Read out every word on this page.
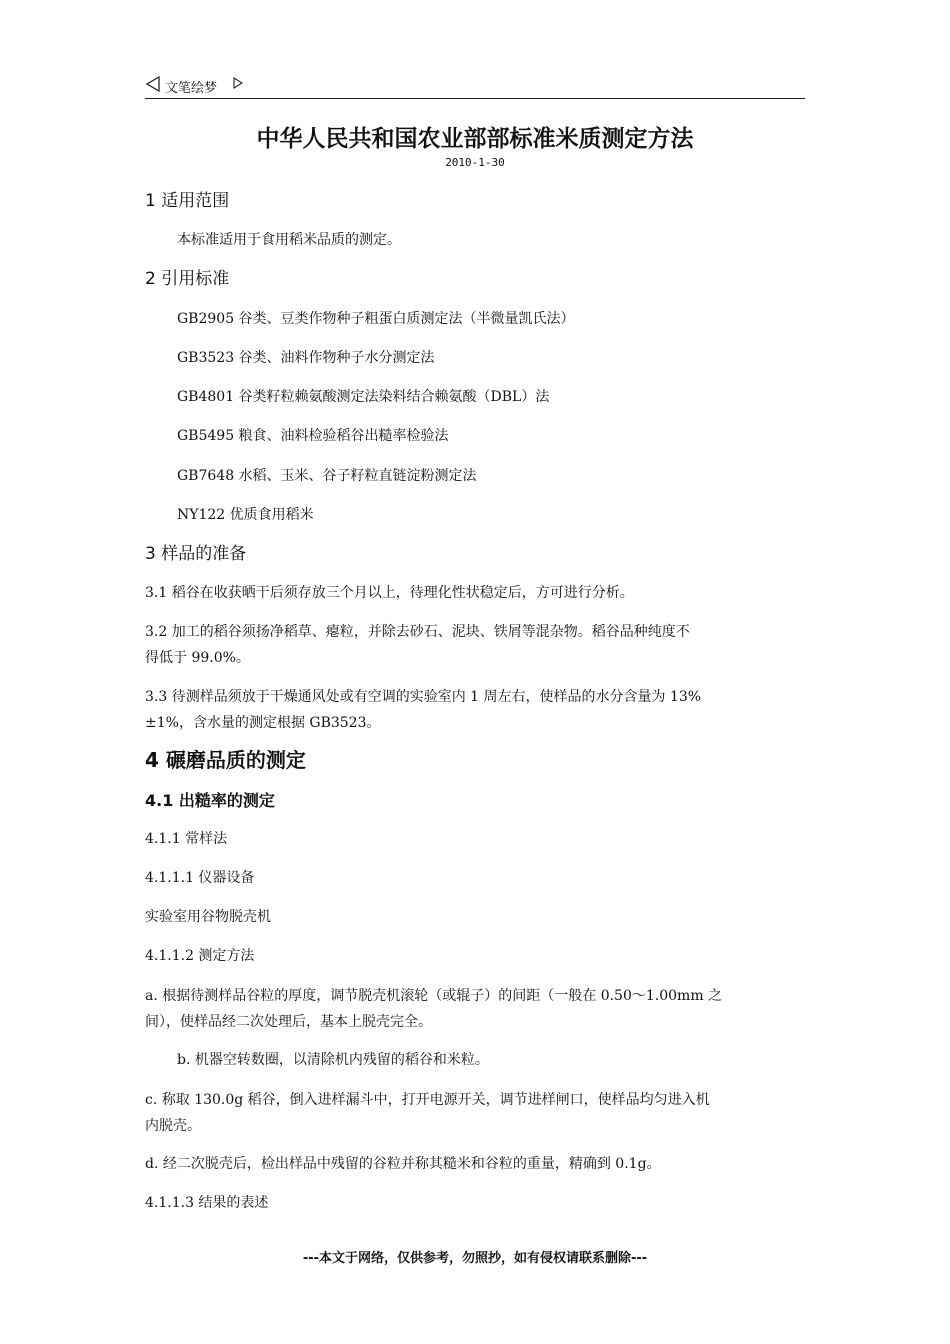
文笔绘梦
中华人民共和国农业部部标准米质测定方法
2010-1-30
1 适用范围
本标准适用于食用稻米品质的测定。
2 引用标准
GB2905 谷类、豆类作物种子粗蛋白质测定法（半微量凯氏法）
GB3523 谷类、油料作物种子水分测定法
GB4801 谷类籽粒赖氨酸测定法染料结合赖氨酸（DBL）法
GB5495 粮食、油料检验稻谷出糙率检验法
GB7648 水稻、玉米、谷子籽粒直链淀粉测定法
NY122 优质食用稻米
3 样品的准备
3.1 稻谷在收获晒干后须存放三个月以上，待理化性状稳定后，方可进行分析。
3.2 加工的稻谷须扬净稻草、瘪粒，并除去砂石、泥块、铁屑等混杂物。稻谷品种纯度不
得低于 99.0%。
3.3 待测样品须放于干燥通风处或有空调的实验室内 1 周左右，使样品的水分含量为 13%
±1%，含水量的测定根据 GB3523。
4 碾磨品质的测定
4.1 出糙率的测定
4.1.1 常样法
4.1.1.1 仪器设备
实验室用谷物脱壳机
4.1.1.2 测定方法
a. 根据待测样品谷粒的厚度，调节脱壳机滚轮（或辊子）的间距（一般在 0.50～1.00mm 之
间），使样品经二次处理后，基本上脱壳完全。
b. 机器空转数圈，以清除机内残留的稻谷和米粒。
c. 称取 130.0g 稻谷，倒入进样漏斗中，打开电源开关，调节进样闸口，使样品均匀进入机
内脱壳。
d. 经二次脱壳后，检出样品中残留的谷粒并称其糙米和谷粒的重量，精确到 0.1g。
4.1.1.3 结果的表述
---本文于网络，仅供参考，勿照抄，如有侵权请联系删除---
